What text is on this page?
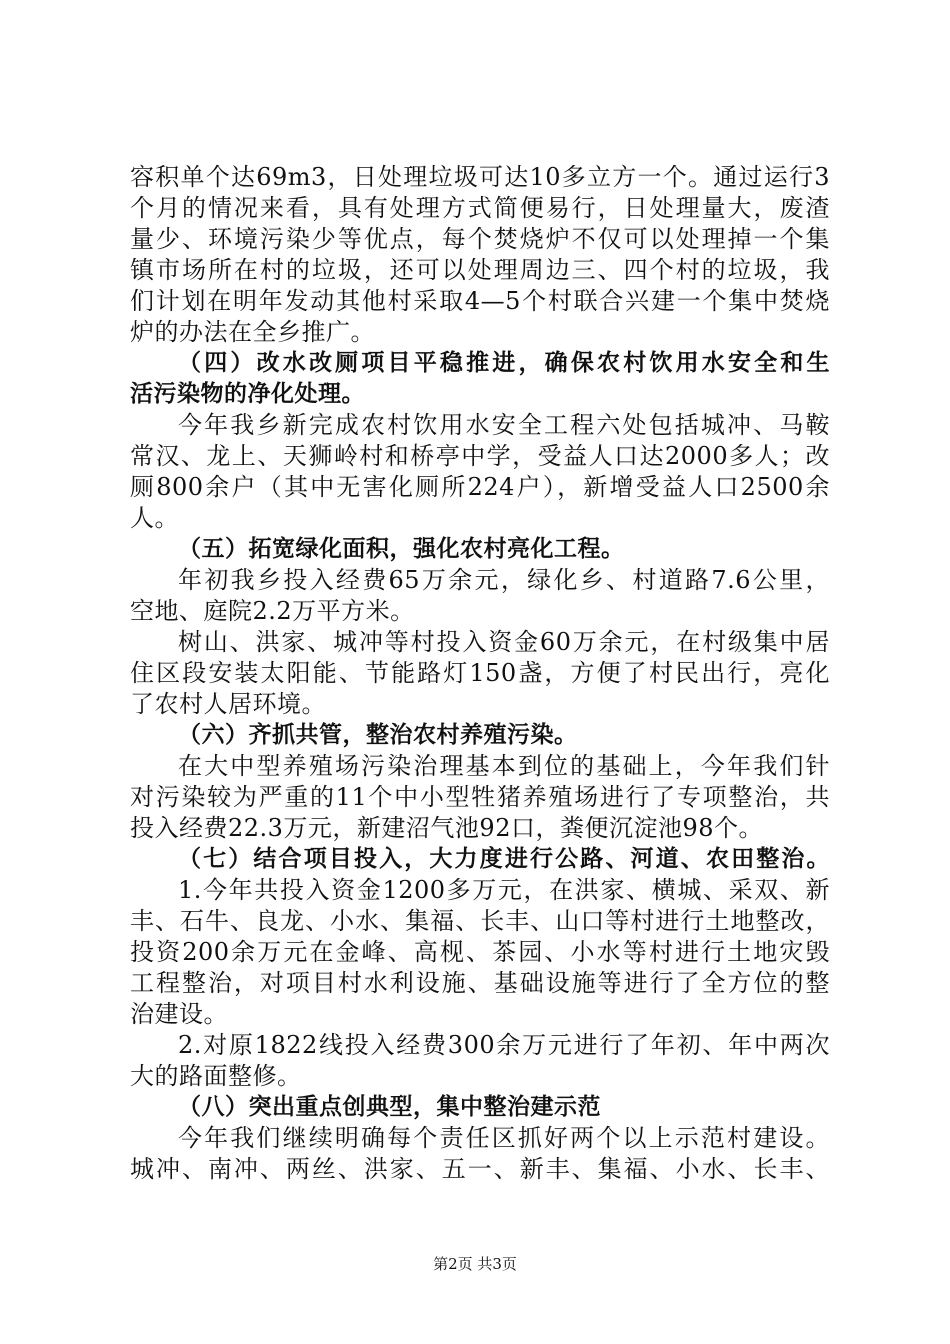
容积单个达69m3，日处理垃圾可达10多立方一个。通过运行3
个月的情况来看，具有处理方式简便易行，日处理量大，废渣
量少、环境污染少等优点，每个焚烧炉不仅可以处理掉一个集
镇市场所在村的垃圾，还可以处理周边三、四个村的垃圾，我
们计划在明年发动其他村采取4—5个村联合兴建一个集中焚烧
炉的办法在全乡推广。
（四）改水改厕项目平稳推进，确保农村饮用水安全和生
活污染物的净化处理。
今年我乡新完成农村饮用水安全工程六处包括城冲、马鞍
常汉、龙上、天狮岭村和桥亭中学，受益人口达2000多人；改
厕800余户（其中无害化厕所224户），新增受益人口2500余
人。
（五）拓宽绿化面积，强化农村亮化工程。
年初我乡投入经费65万余元，绿化乡、村道路7.6公里，
空地、庭院2.2万平方米。
树山、洪家、城冲等村投入资金60万余元，在村级集中居
住区段安装太阳能、节能路灯150盏，方便了村民出行，亮化
了农村人居环境。
（六）齐抓共管，整治农村养殖污染。
在大中型养殖场污染治理基本到位的基础上，今年我们针
对污染较为严重的11个中小型牲猪养殖场进行了专项整治，共
投入经费22.3万元，新建沼气池92口，粪便沉淀池98个。
（七）结合项目投入，大力度进行公路、河道、农田整治。
1.今年共投入资金1200多万元，在洪家、横城、采双、新
丰、石牛、良龙、小水、集福、长丰、山口等村进行土地整改，
投资200余万元在金峰、高枧、茶园、小水等村进行土地灾毁
工程整治，对项目村水利设施、基础设施等进行了全方位的整
治建设。
2.对原1822线投入经费300余万元进行了年初、年中两次
大的路面整修。
（八）突出重点创典型，集中整治建示范
今年我们继续明确每个责任区抓好两个以上示范村建设。
城冲、南冲、两丝、洪家、五一、新丰、集福、小水、长丰、
第2页 共3页
